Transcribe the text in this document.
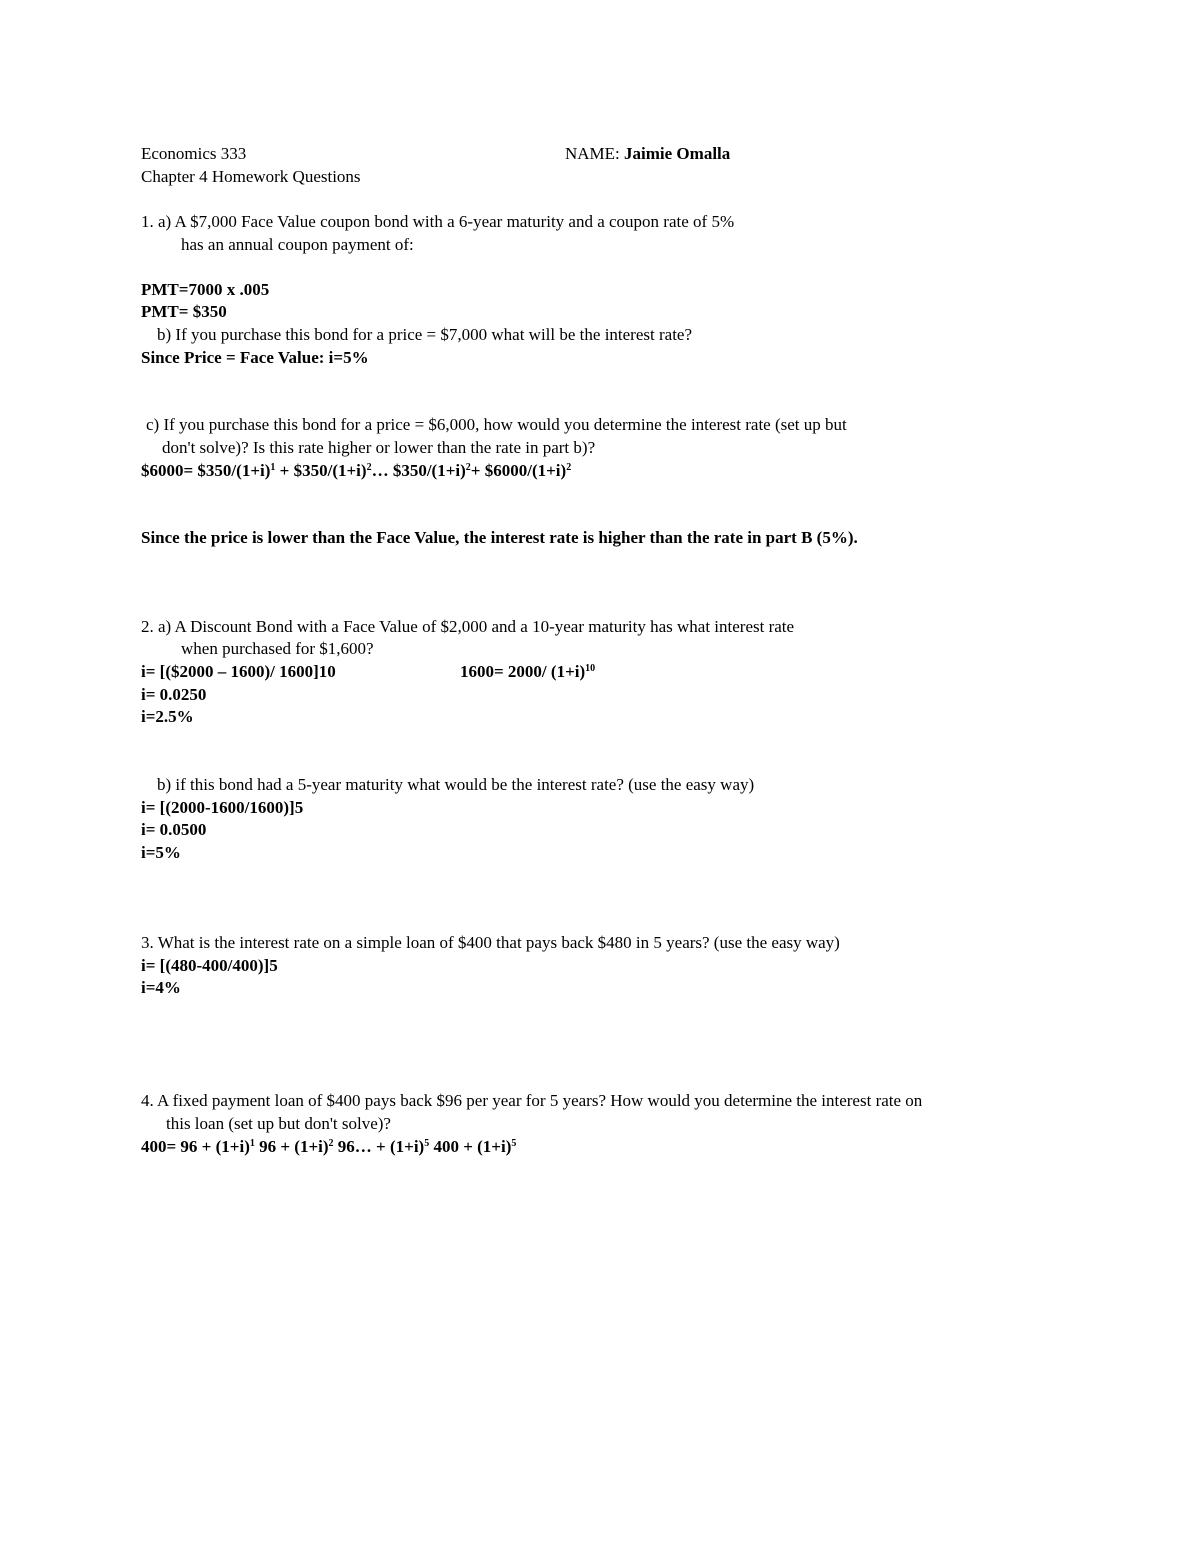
Economics 333	NAME: Jaimie Omalla
Chapter 4 Homework Questions
1. a) A $7,000 Face Value coupon bond with a 6-year maturity and a coupon rate of 5%
has an annual coupon payment of:
PMT=7000 x .005
PMT= $350
b) If you purchase this bond for a price = $7,000 what will be the interest rate?
Since Price = Face Value: i=5%
c) If you purchase this bond for a price = $6,000, how would you determine the interest rate (set up but
don't solve)? Is this rate higher or lower than the rate in part b)?
$6000= $\$350/(1+i)^1$ + $\$350/(1+i)^2\dots$ $\$350/(1+i)^2+$ $\$6000/(1+i)^2$
Since the price is lower than the Face Value, the interest rate is higher than the rate in part B (5%).
2. a) A Discount Bond with a Face Value of $2,000 and a 10-year maturity has what interest rate
when purchased for $1,600?
i= [($2000 – 1600)/ 1600]10	1600= 2000/ $(1+i)^{10}$
i= 0.0250
i=2.5%
b) if this bond had a 5-year maturity what would be the interest rate? (use the easy way)
i= [(2000-1600/1600)]5
i= 0.0500
i=5%
3. What is the interest rate on a simple loan of $400 that pays back $480 in 5 years? (use the easy way)
i= [(480-400/400)]5
i=4%
4. A fixed payment loan of $400 pays back $96 per year for 5 years? How would you determine the interest rate on
this loan (set up but don't solve)?
$400= 96 + (1+i)^1$ $96 + (1+i)^2$ 96… + $(1+i)^5$ $400 + (1+i)^5$
